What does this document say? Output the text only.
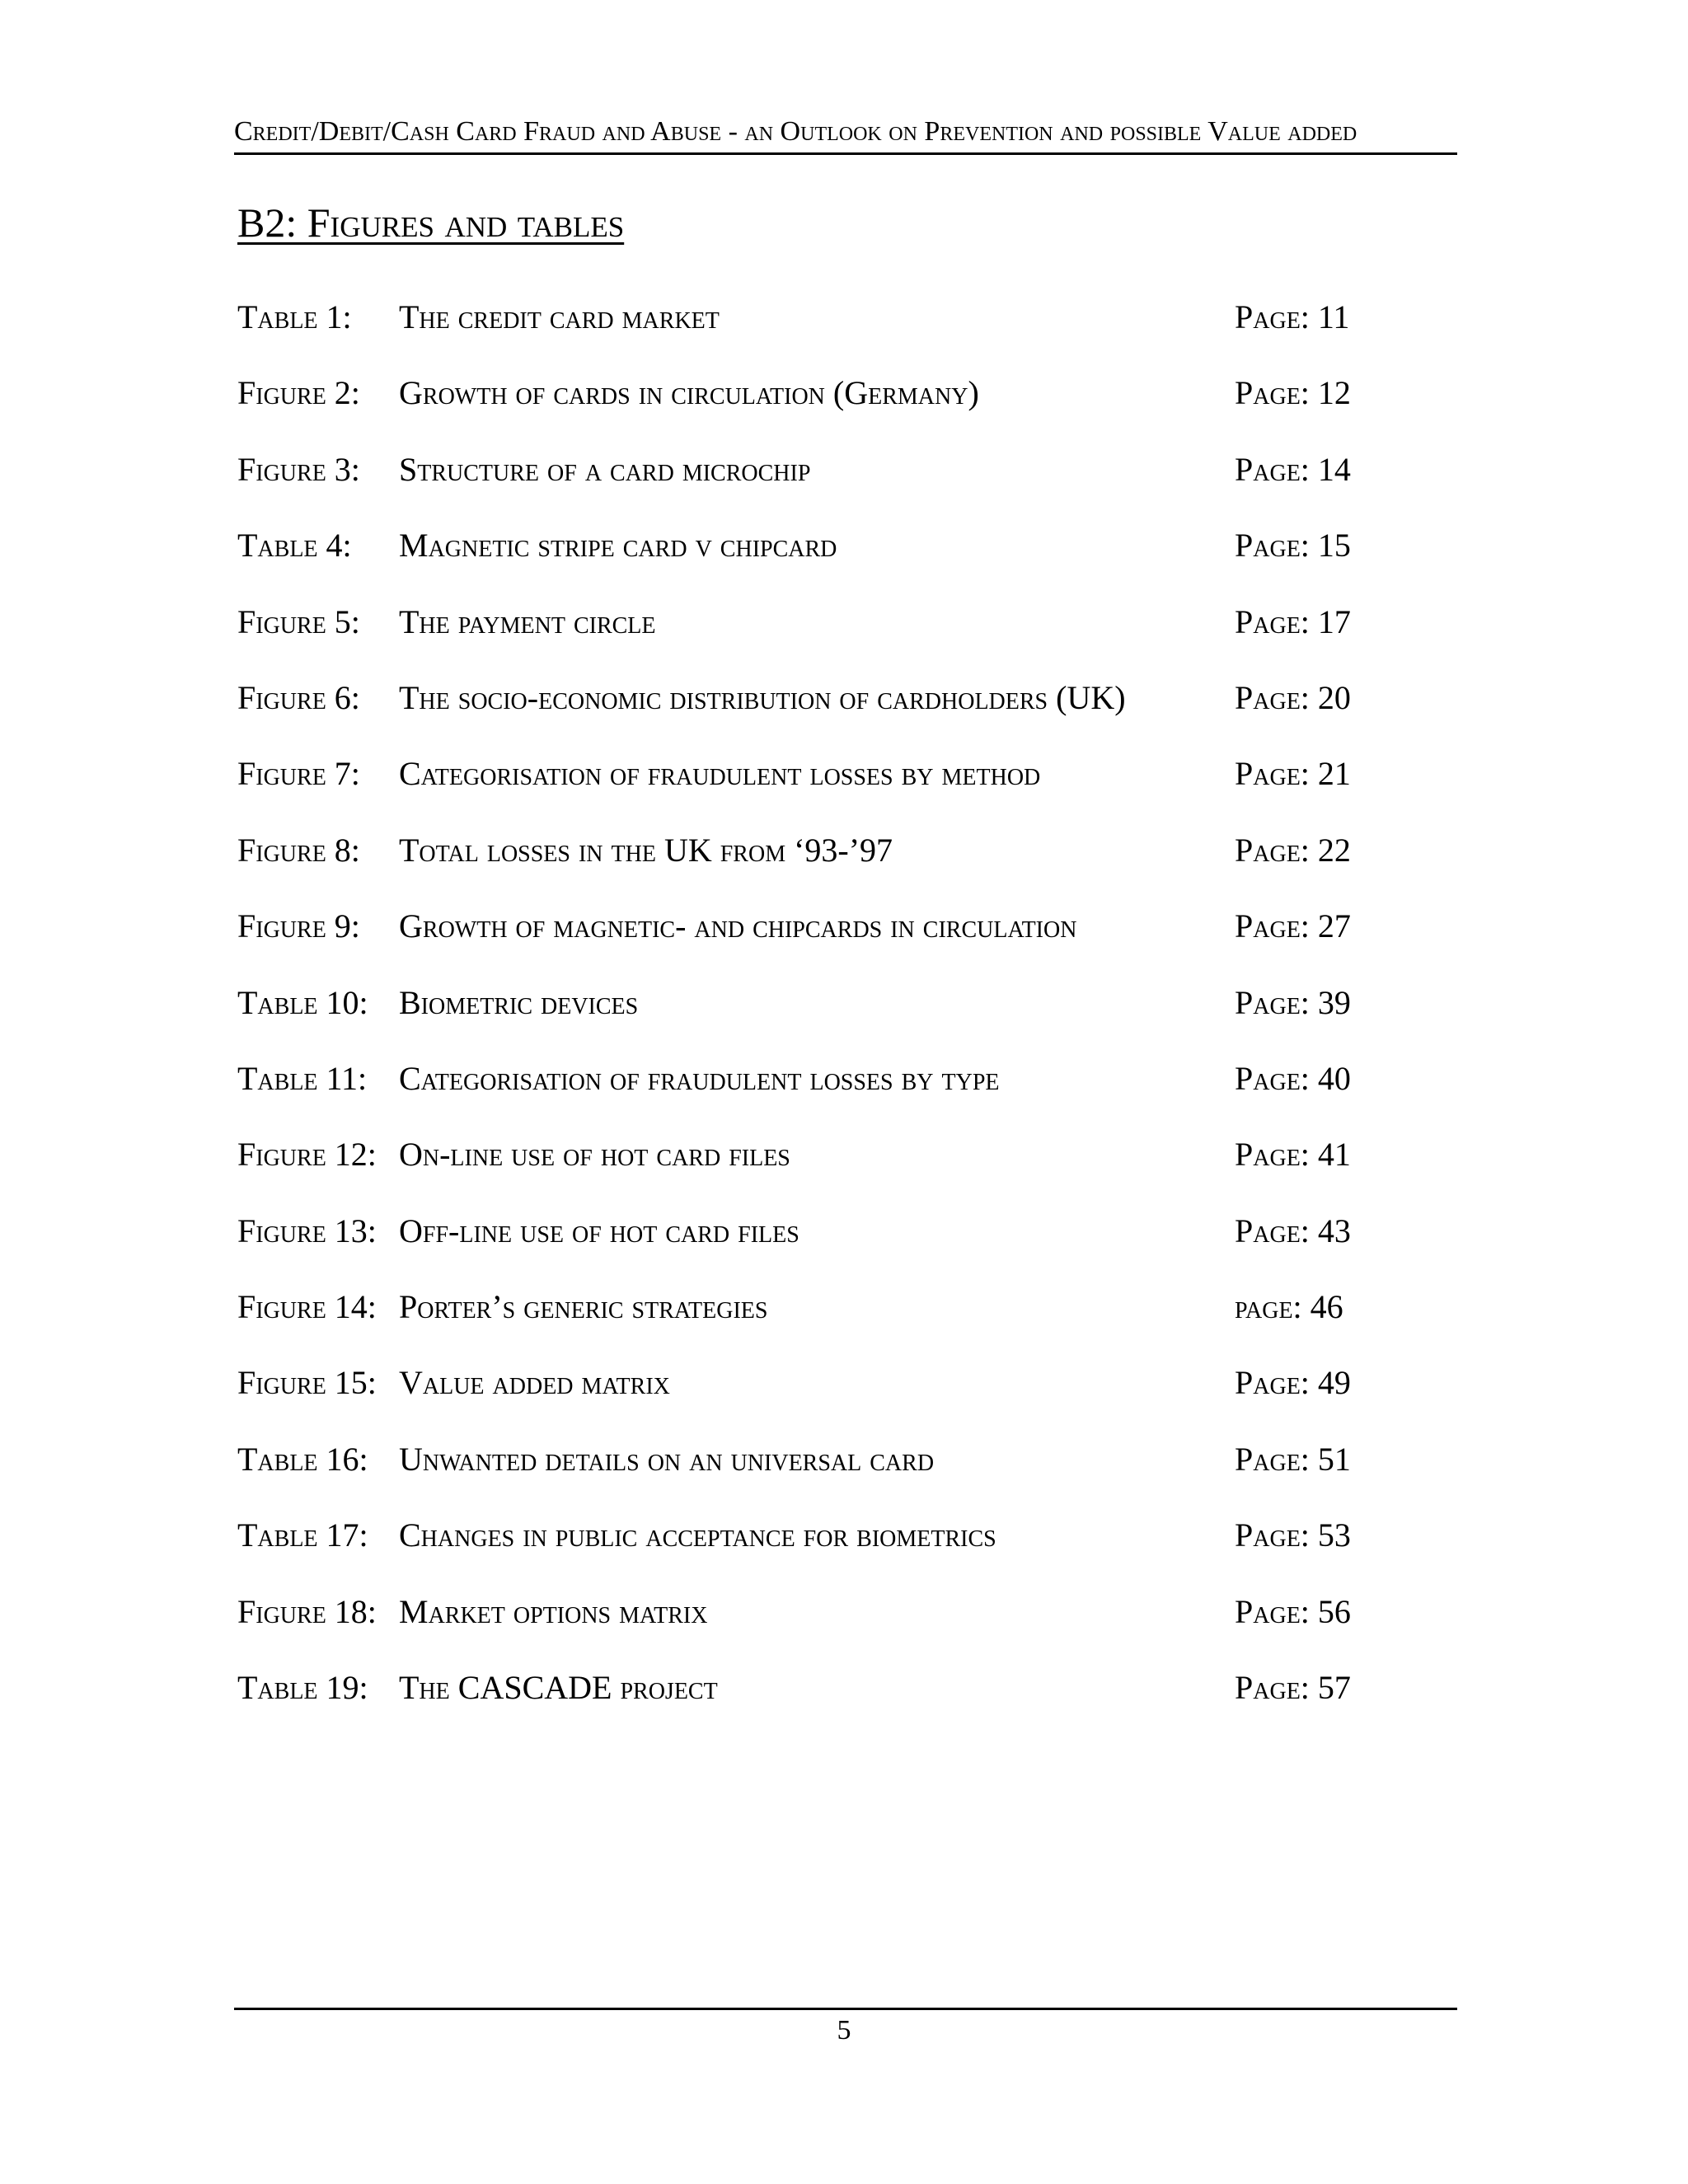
Credit/Debit/Cash Card Fraud and Abuse - an Outlook on Prevention and possible Value added
B2: Figures and tables
Table 1: The credit card market	Page: 11
Figure 2: Growth of cards in circulation (Germany)	Page: 12
Figure 3: Structure of a card microchip	Page: 14
Table 4: Magnetic stripe card v chipcard	Page: 15
Figure 5: The payment circle	Page: 17
Figure 6: The socio-economic distribution of cardholders (UK)	Page: 20
Figure 7: Categorisation of fraudulent losses by method	Page: 21
Figure 8: Total losses in the UK from ‘93-’97	Page: 22
Figure 9: Growth of magnetic- and chipcards in circulation	Page: 27
Table 10: Biometric devices	Page: 39
Table 11: Categorisation of fraudulent losses by type	Page: 40
Figure 12: On-line use of hot card files	Page: 41
Figure 13: Off-line use of hot card files	Page: 43
Figure 14: Porter’s generic strategies	page: 46
Figure 15: Value added matrix	Page: 49
Table 16: Unwanted details on an universal card	Page: 51
Table 17: Changes in public acceptance for biometrics	Page: 53
Figure 18: Market options matrix	Page: 56
Table 19: The CASCADE project	Page: 57
5
